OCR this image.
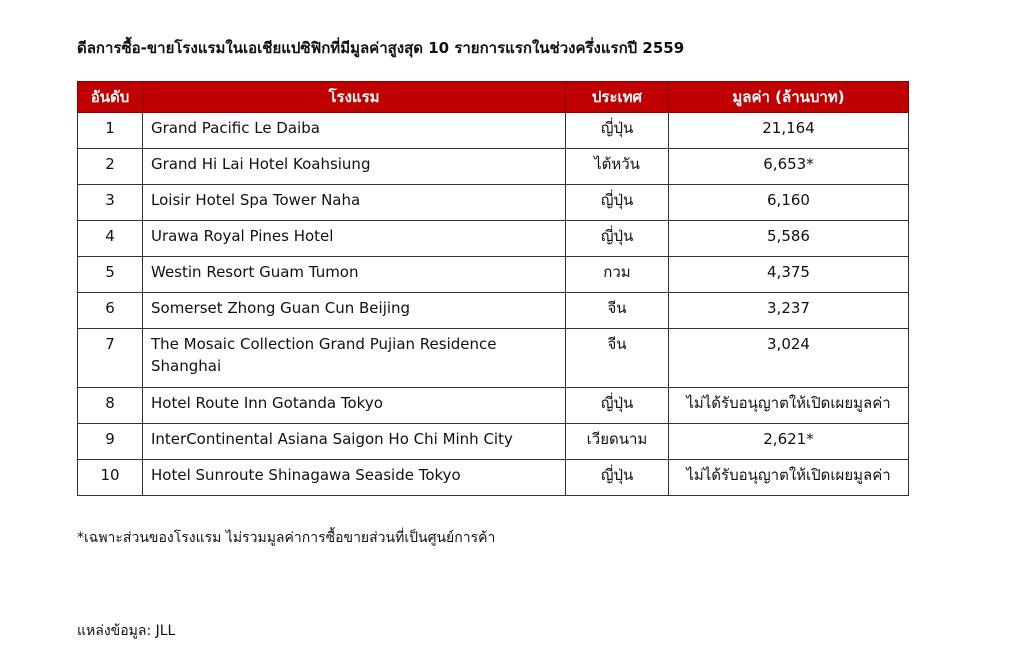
ดีลการซื้อ-ขายโรงแรมในเอเชียแปซิฟิกที่มีมูลค่าสูงสุด 10 รายการแรกในช่วงครึ่งแรกปี 2559
อันดับ	โรงแรม	ประเทศ	มูลค่า (ล้านบาท)
1	Grand Pacific Le Daiba	ญี่ปุ่น	21,164
2	Grand Hi Lai Hotel Koahsiung	ไต้หวัน	6,653*
3	Loisir Hotel Spa Tower Naha	ญี่ปุ่น	6,160
4	Urawa Royal Pines Hotel	ญี่ปุ่น	5,586
5	Westin Resort Guam Tumon	กวม	4,375
6	Somerset Zhong Guan Cun Beijing	จีน	3,237
7	The Mosaic Collection Grand Pujian Residence Shanghai	จีน	3,024
8	Hotel Route Inn Gotanda Tokyo	ญี่ปุ่น	ไม่ได้รับอนุญาตให้เปิดเผยมูลค่า
9	InterContinental Asiana Saigon Ho Chi Minh City	เวียดนาม	2,621*
10	Hotel Sunroute Shinagawa Seaside Tokyo	ญี่ปุ่น	ไม่ได้รับอนุญาตให้เปิดเผยมูลค่า
*เฉพาะส่วนของโรงแรม ไม่รวมมูลค่าการซื้อขายส่วนที่เป็นศูนย์การค้า
แหล่งข้อมูล: JLL
